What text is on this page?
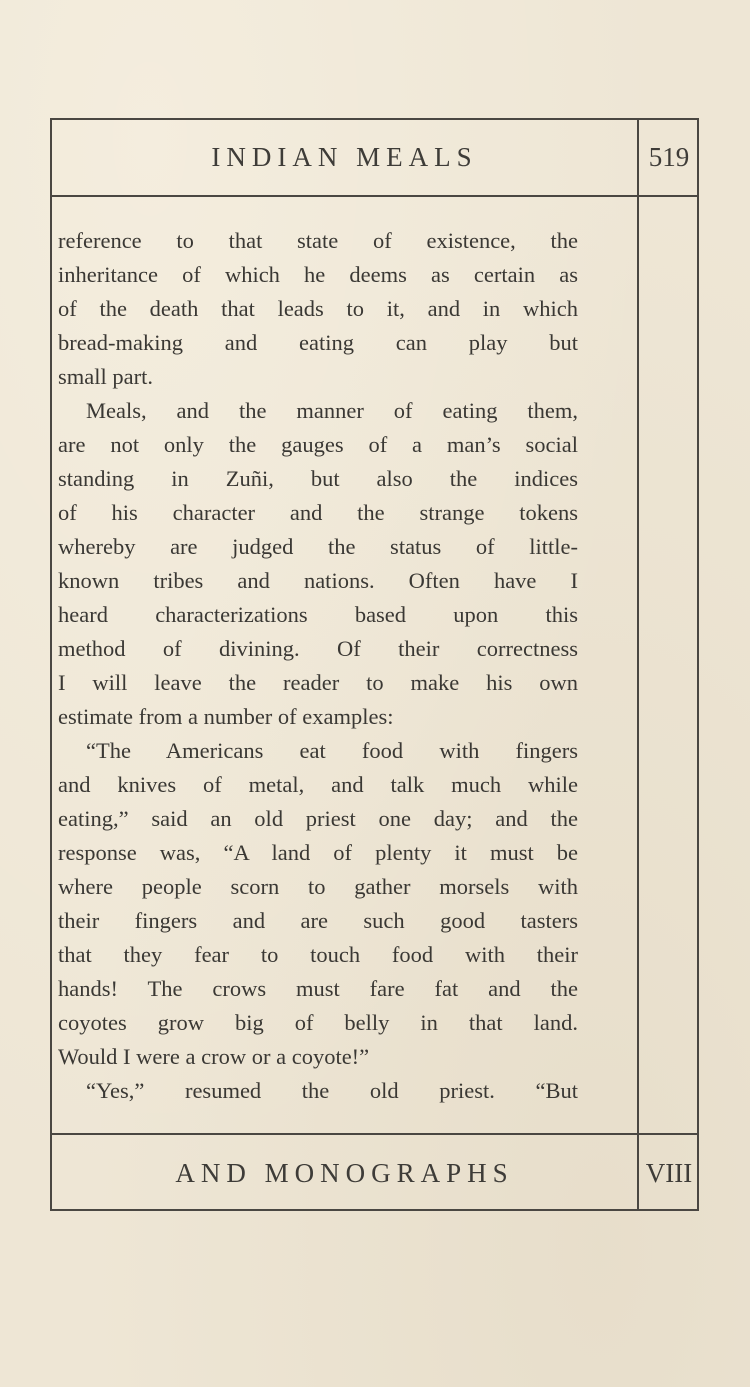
INDIAN MEALS	519
AND MONOGRAPHS	VIII
reference to that state of existence, the
inheritance of which he deems as certain as
of the death that leads to it, and in which
bread-making and eating can play but
small part.
Meals, and the manner of eating them,
are not only the gauges of a man’s social
standing in Zuñi, but also the indices
of his character and the strange tokens
whereby are judged the status of little-
known tribes and nations. Often have I
heard characterizations based upon this
method of divining. Of their correctness
I will leave the reader to make his own
estimate from a number of examples:
“The Americans eat food with fingers
and knives of metal, and talk much while
eating,” said an old priest one day; and the
response was, “A land of plenty it must be
where people scorn to gather morsels with
their fingers and are such good tasters
that they fear to touch food with their
hands! The crows must fare fat and the
coyotes grow big of belly in that land.
Would I were a crow or a coyote!”
“Yes,” resumed the old priest. “But
